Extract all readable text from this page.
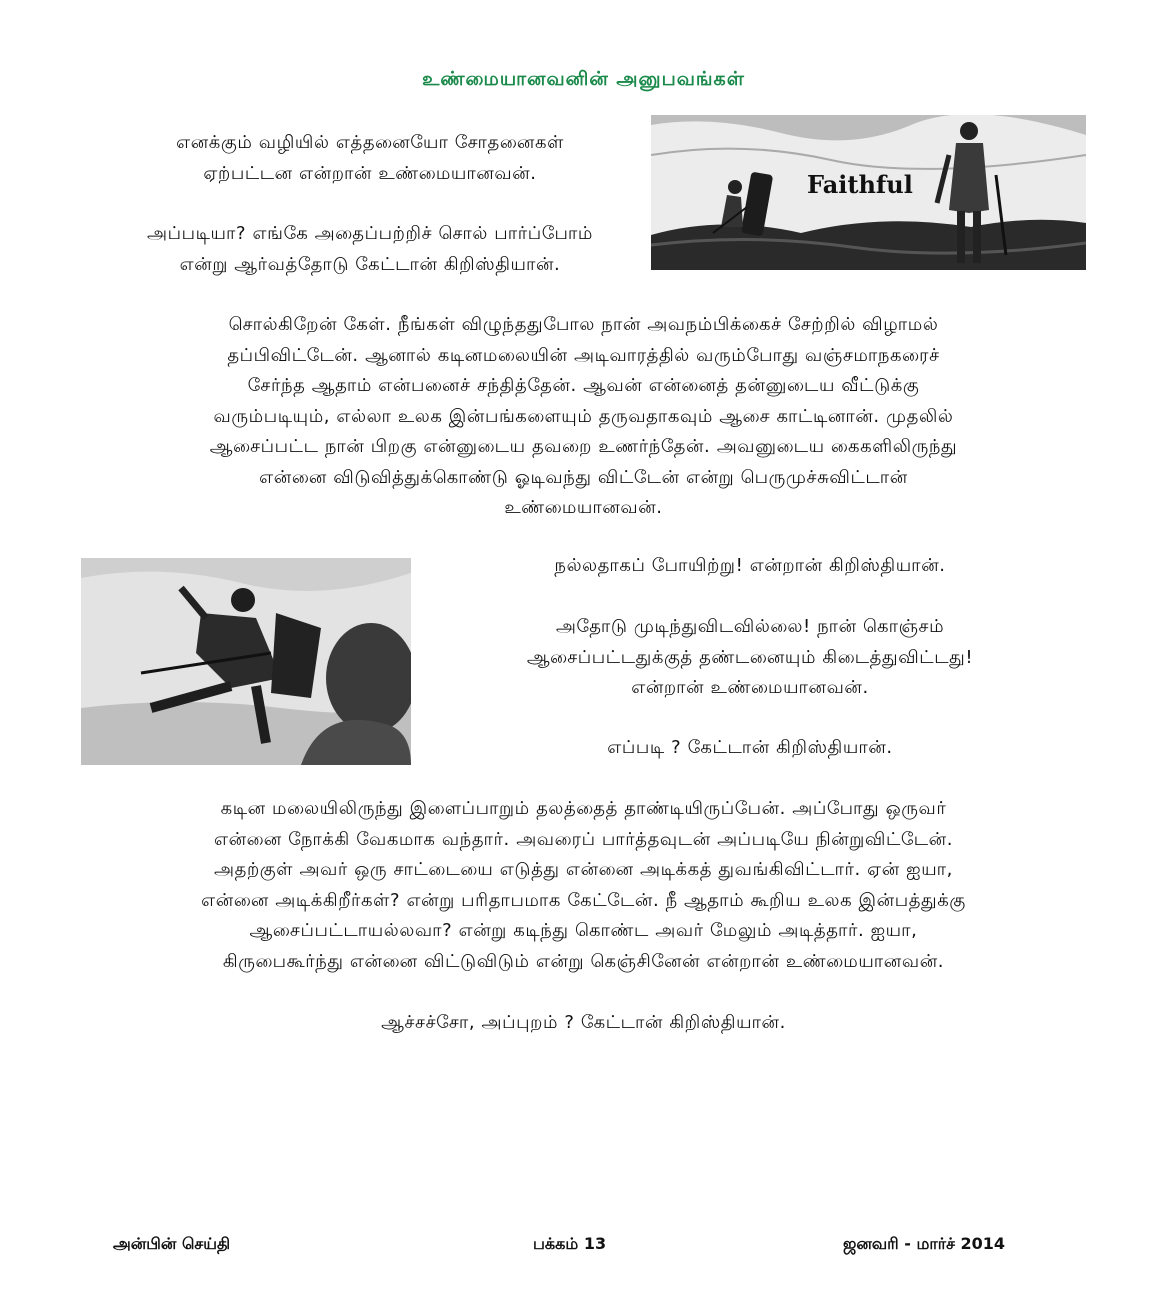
உண்மையானவனின் அனுபவங்கள்
எனக்கும் வழியில் எத்தனையோ சோதனைகள்
ஏற்பட்டன என்றான் உண்மையானவன்.
அப்படியா? எங்கே அதைப்பற்றிச் சொல் பார்ப்போம்
என்று ஆர்வத்தோடு கேட்டான் கிறிஸ்தியான்.
Faithful
சொல்கிறேன் கேள். நீங்கள் விழுந்ததுபோல நான் அவநம்பிக்கைச் சேற்றில் விழாமல்
தப்பிவிட்டேன். ஆனால் கடினமலையின் அடிவாரத்தில் வரும்போது வஞ்சமாநகரைச்
சேர்ந்த ஆதாம் என்பனைச் சந்தித்தேன். ஆவன் என்னைத் தன்னுடைய வீட்டுக்கு
வரும்படியும், எல்லா உலக இன்பங்களையும் தருவதாகவும் ஆசை காட்டினான். முதலில்
ஆசைப்பட்ட நான் பிறகு என்னுடைய தவறை உணர்ந்தேன். அவனுடைய கைகளிலிருந்து
என்னை விடுவித்துக்கொண்டு ஓடிவந்து விட்டேன் என்று பெருமுச்சுவிட்டான்
உண்மையானவன்.
நல்லதாகப் போயிற்று! என்றான் கிறிஸ்தியான்.
அதோடு முடிந்துவிடவில்லை! நான் கொஞ்சம்
ஆசைப்பட்டதுக்குத் தண்டனையும் கிடைத்துவிட்டது!
என்றான் உண்மையானவன்.
எப்படி ? கேட்டான் கிறிஸ்தியான்.
கடின மலையிலிருந்து இளைப்பாறும் தலத்தைத் தாண்டியிருப்பேன். அப்போது ஒருவர்
என்னை நோக்கி வேகமாக வந்தார். அவரைப் பார்த்தவுடன் அப்படியே நின்றுவிட்டேன்.
அதற்குள் அவர் ஒரு சாட்டையை எடுத்து என்னை அடிக்கத் துவங்கிவிட்டார். ஏன் ஐயா,
என்னை அடிக்கிறீர்கள்? என்று பரிதாபமாக கேட்டேன். நீ ஆதாம் கூறிய உலக இன்பத்துக்கு
ஆசைப்பட்டாயல்லவா? என்று கடிந்து கொண்ட அவர் மேலும் அடித்தார். ஐயா,
கிருபைகூர்ந்து என்னை விட்டுவிடும் என்று கெஞ்சினேன் என்றான் உண்மையானவன்.
ஆச்சச்சோ, அப்புறம் ? கேட்டான் கிறிஸ்தியான்.
அன்பின் செய்தி	பக்கம் 13	ஜனவரி - மார்ச் 2014
